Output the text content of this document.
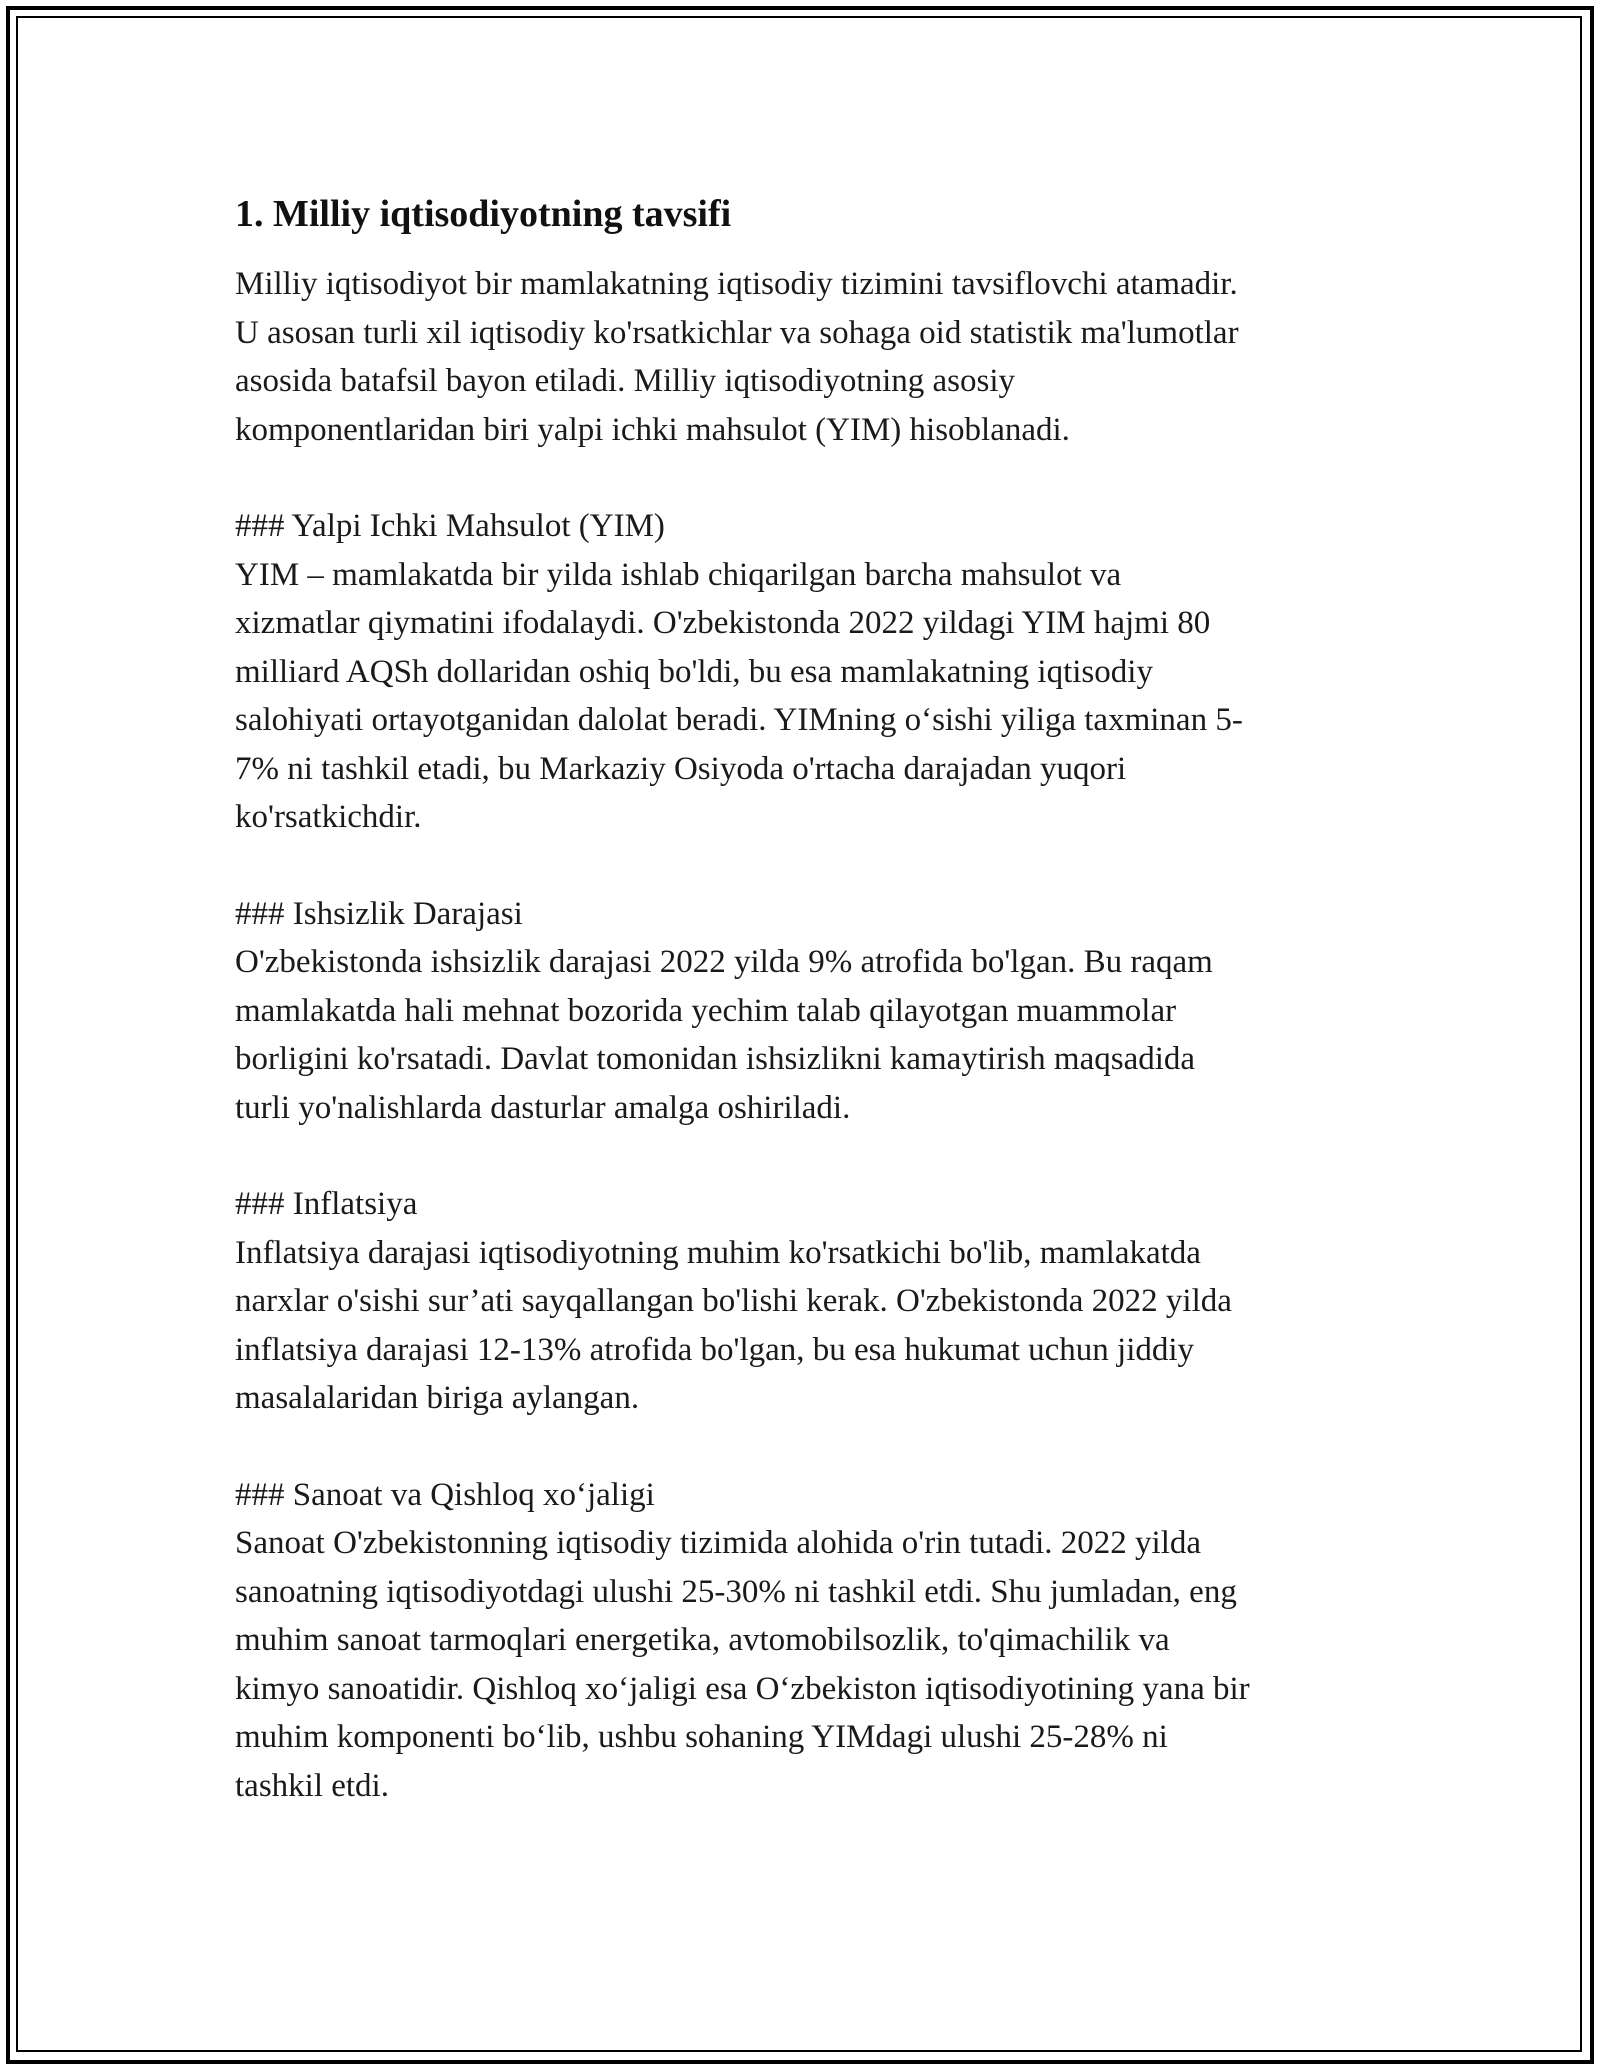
1. Milliy iqtisodiyotning tavsifi

Milliy iqtisodiyot bir mamlakatning iqtisodiy tizimini tavsiflovchi atamadir.
U asosan turli xil iqtisodiy ko'rsatkichlar va sohaga oid statistik ma'lumotlar
asosida batafsil bayon etiladi. Milliy iqtisodiyotning asosiy
komponentlaridan biri yalpi ichki mahsulot (YIM) hisoblanadi.

### Yalpi Ichki Mahsulot (YIM)

YIM – mamlakatda bir yilda ishlab chiqarilgan barcha mahsulot va
xizmatlar qiymatini ifodalaydi. O'zbekistonda 2022 yildagi YIM hajmi 80
milliard AQSh dollaridan oshiq bo'ldi, bu esa mamlakatning iqtisodiy
salohiyati ortayotganidan dalolat beradi. YIMning o‘sishi yiliga taxminan 5-
7% ni tashkil etadi, bu Markaziy Osiyoda o'rtacha darajadan yuqori
ko'rsatkichdir.

### Ishsizlik Darajasi

O'zbekistonda ishsizlik darajasi 2022 yilda 9% atrofida bo'lgan. Bu raqam
mamlakatda hali mehnat bozorida yechim talab qilayotgan muammolar
borligini ko'rsatadi. Davlat tomonidan ishsizlikni kamaytirish maqsadida
turli yo'nalishlarda dasturlar amalga oshiriladi.

### Inflatsiya

Inflatsiya darajasi iqtisodiyotning muhim ko'rsatkichi bo'lib, mamlakatda
narxlar o'sishi sur’ati sayqallangan bo'lishi kerak. O'zbekistonda 2022 yilda
inflatsiya darajasi 12-13% atrofida bo'lgan, bu esa hukumat uchun jiddiy
masalalaridan biriga aylangan.

### Sanoat va Qishloq xo‘jaligi

Sanoat O'zbekistonning iqtisodiy tizimida alohida o'rin tutadi. 2022 yilda
sanoatning iqtisodiyotdagi ulushi 25-30% ni tashkil etdi. Shu jumladan, eng
muhim sanoat tarmoqlari energetika, avtomobilsozlik, to'qimachilik va
kimyo sanoatidir. Qishloq xo‘jaligi esa O‘zbekiston iqtisodiyotining yana bir
muhim komponenti bo‘lib, ushbu sohaning YIMdagi ulushi 25-28% ni
tashkil etdi.
